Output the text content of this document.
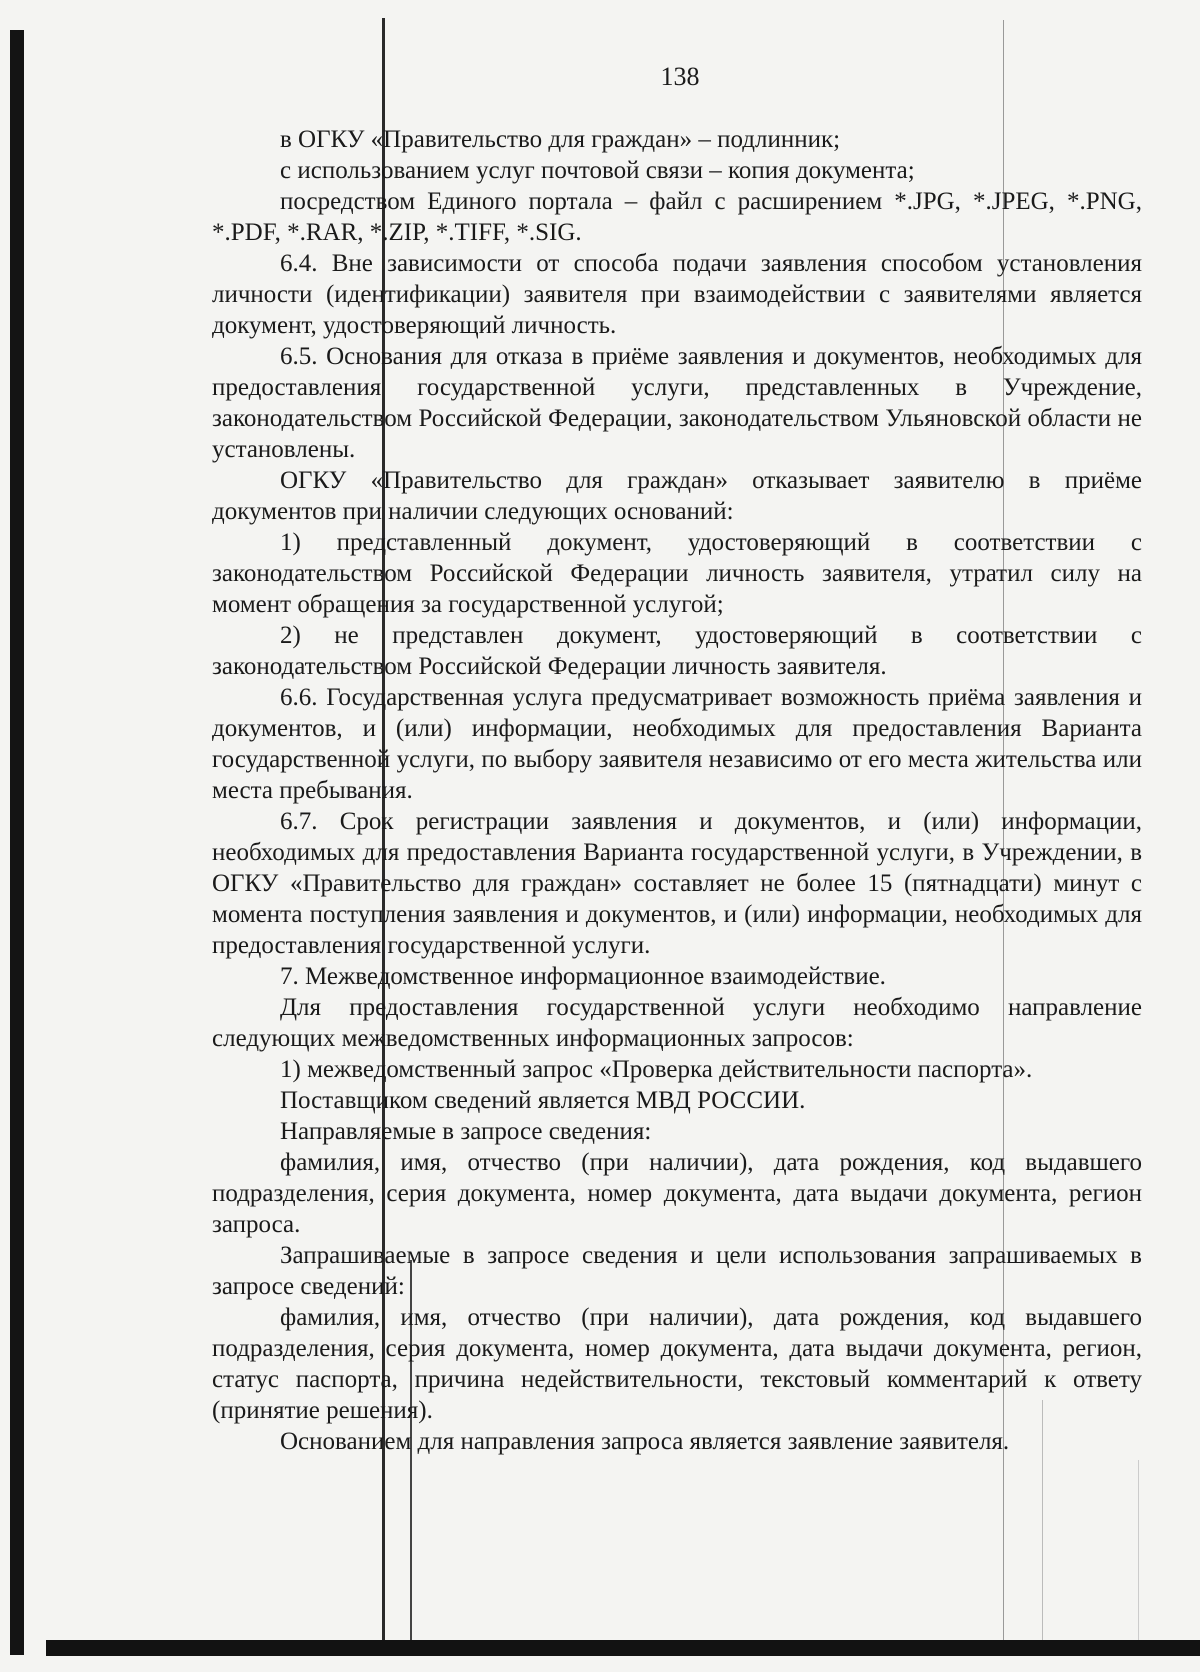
138

в ОГКУ «Правительство для граждан» – подлинник;

с использованием услуг почтовой связи – копия документа;

посредством Единого портала – файл с расширением *.JPG, *.JPEG, *.PNG, *.PDF, *.RAR, *.ZIP, *.TIFF, *.SIG.

6.4. Вне зависимости от способа подачи заявления способом установления личности (идентификации) заявителя при взаимодействии с заявителями является документ, удостоверяющий личность.

6.5. Основания для отказа в приёме заявления и документов, необходимых для предоставления государственной услуги, представленных в Учреждение, законодательством Российской Федерации, законодательством Ульяновской области не установлены.

ОГКУ «Правительство для граждан» отказывает заявителю в приёме документов при наличии следующих оснований:

1) представленный документ, удостоверяющий в соответствии с законодательством Российской Федерации личность заявителя, утратил силу на момент обращения за государственной услугой;

2) не представлен документ, удостоверяющий в соответствии с законодательством Российской Федерации личность заявителя.

6.6. Государственная услуга предусматривает возможность приёма заявления и документов, и (или) информации, необходимых для предоставления Варианта государственной услуги, по выбору заявителя независимо от его места жительства или места пребывания.

6.7. Срок регистрации заявления и документов, и (или) информации, необходимых для предоставления Варианта государственной услуги, в Учреждении, в ОГКУ «Правительство для граждан» составляет не более 15 (пятнадцати) минут с момента поступления заявления и документов, и (или) информации, необходимых для предоставления государственной услуги.

7. Межведомственное информационное взаимодействие.

Для предоставления государственной услуги необходимо направление следующих межведомственных информационных запросов:

1) межведомственный запрос «Проверка действительности паспорта».

Поставщиком сведений является МВД РОССИИ.

Направляемые в запросе сведения:

фамилия, имя, отчество (при наличии), дата рождения, код выдавшего подразделения, серия документа, номер документа, дата выдачи документа, регион запроса.

Запрашиваемые в запросе сведения и цели использования запрашиваемых в запросе сведений:

фамилия, имя, отчество (при наличии), дата рождения, код выдавшего подразделения, серия документа, номер документа, дата выдачи документа, регион, статус паспорта, причина недействительности, текстовый комментарий к ответу (принятие решения).

Основанием для направления запроса является заявление заявителя.
